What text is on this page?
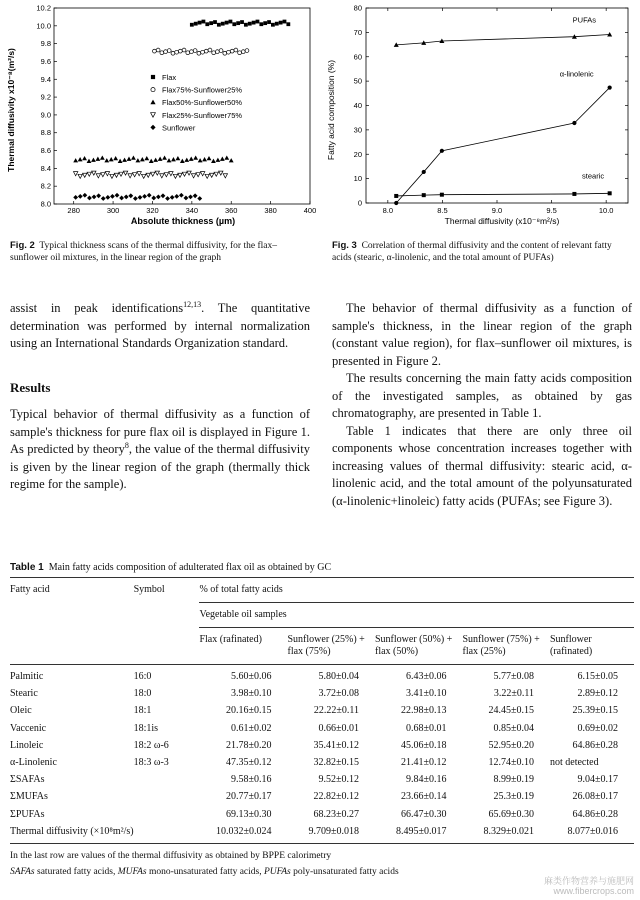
280	300	320	340	360	380	400
8.0
8.2
8.4
8.6
8.8
9.0
9.2
9.4
9.6
9.8
10.0
10.2
Flax
Flax75%-Sunflower25%
Flax50%-Sunflower50%
Flax25%-Sunflower75%
Sunflower
Absolute thickness (µm)
Thermal diffusivity x10⁻⁸(m²/s)
8.0	8.5	9.0	9.5	10.0
0
10
20
30
40
50
60
70
80
PUFAs
α-linolenic
stearic
Thermal diffusivity (x10⁻⁸m²/s)
Fatty acid composition (%)
Fig. 2 Typical thickness scans of the thermal diffusivity, for the flax–sunflower oil mixtures, in the linear region of the graph
Fig. 3 Correlation of thermal diffusivity and the content of relevant fatty acids (stearic, α-linolenic, and the total amount of PUFAs)

assist in peak identifications$^{12,13}$. The quantitative determination was performed by internal normalization using an International Standards Organization standard.

Results

Typical behavior of thermal diffusivity as a function of sample's thickness for pure flax oil is displayed in Figure 1. As predicted by theory$^8$, the value of the thermal diffusivity is given by the linear region of the graph (thermally thick regime for the sample).

The behavior of thermal diffusivity as a function of sample's thickness, in the linear region of the graph (constant value region), for flax–sunflower oil mixtures, is presented in Figure 2.

The results concerning the main fatty acids composition of the investigated samples, as obtained by gas chromatography, are presented in Table 1.

Table 1 indicates that there are only three oil components whose concentration increases together with increasing values of thermal diffusivity: stearic acid, α-linolenic acid, and the total amount of the polyunsaturated (α-linolenic+linoleic) fatty acids (PUFAs; see Figure 3).

Table 1 Main fatty acids composition of adulterated flax oil as obtained by GC
Fatty acid	Symbol	% of total fatty acids				
		Vegetable oil samples				
		Flax (rafinated)	Sunflower (25%) + flax (75%)	Sunflower (50%) + flax (50%)	Sunflower (75%) + flax (25%)	Sunflower (rafinated)
Palmitic	16:0	5.60±0.06	5.80±0.04	6.43±0.06	5.77±0.08	6.15±0.05
Stearic	18:0	3.98±0.10	3.72±0.08	3.41±0.10	3.22±0.11	2.89±0.12
Oleic	18:1	20.16±0.15	22.22±0.11	22.98±0.13	24.45±0.15	25.39±0.15
Vaccenic	18:1is	0.61±0.02	0.66±0.01	0.68±0.01	0.85±0.04	0.69±0.02
Linoleic	18:2 ω-6	21.78±0.20	35.41±0.12	45.06±0.18	52.95±0.20	64.86±0.28
α-Linolenic	18:3 ω-3	47.35±0.12	32.82±0.15	21.41±0.12	12.74±0.10	not detected
ΣSAFAs		9.58±0.16	9.52±0.12	9.84±0.16	8.99±0.19	9.04±0.17
ΣMUFAs		20.77±0.17	22.82±0.12	23.66±0.14	25.3±0.19	26.08±0.17
ΣPUFAs		69.13±0.30	68.23±0.27	66.47±0.30	65.69±0.30	64.86±0.28
Thermal diffusivity (×10⁸m²/s)		10.032±0.024	9.709±0.018	8.495±0.017	8.329±0.021	8.077±0.016
In the last row are values of the thermal diffusivity as obtained by BPPE calorimetry
SAFAs saturated fatty acids, MUFAs mono-unsaturated fatty acids, PUFAs poly-unsaturated fatty acids
麻类作物营养与施肥网
www.fibercrops.com
